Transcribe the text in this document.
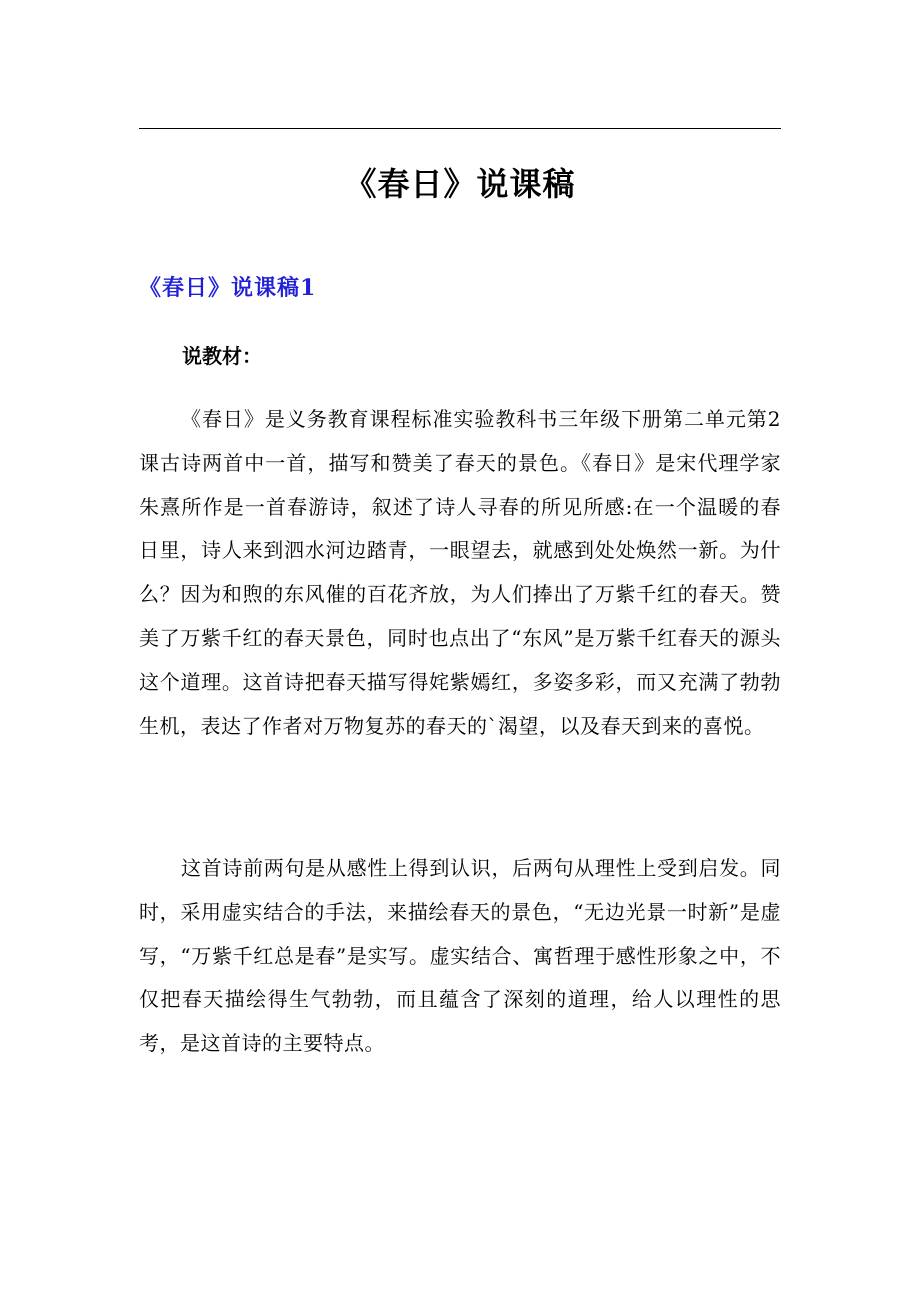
《春日》说课稿
《春日》说课稿1
说教材：

《春日》是义务教育课程标准实验教科书三年级下册第二单元第2课古诗两首中一首，描写和赞美了春天的景色。《春日》是宋代理学家朱熹所作是一首春游诗，叙述了诗人寻春的所见所感:在一个温暖的春日里，诗人来到泗水河边踏青，一眼望去，就感到处处焕然一新。为什么？因为和煦的东风催的百花齐放，为人们捧出了万紫千红的春天。赞美了万紫千红的春天景色，同时也点出了“东风”是万紫千红春天的源头这个道理。这首诗把春天描写得姹紫嫣红，多姿多彩，而又充满了勃勃生机，表达了作者对万物复苏的春天的`渴望，以及春天到来的喜悦。

这首诗前两句是从感性上得到认识，后两句从理性上受到启发。同时，采用虚实结合的手法，来描绘春天的景色，“无边光景一时新”是虚写，“万紫千红总是春”是实写。虚实结合、寓哲理于感性形象之中，不仅把春天描绘得生气勃勃，而且蕴含了深刻的道理，给人以理性的思考，是这首诗的主要特点。
